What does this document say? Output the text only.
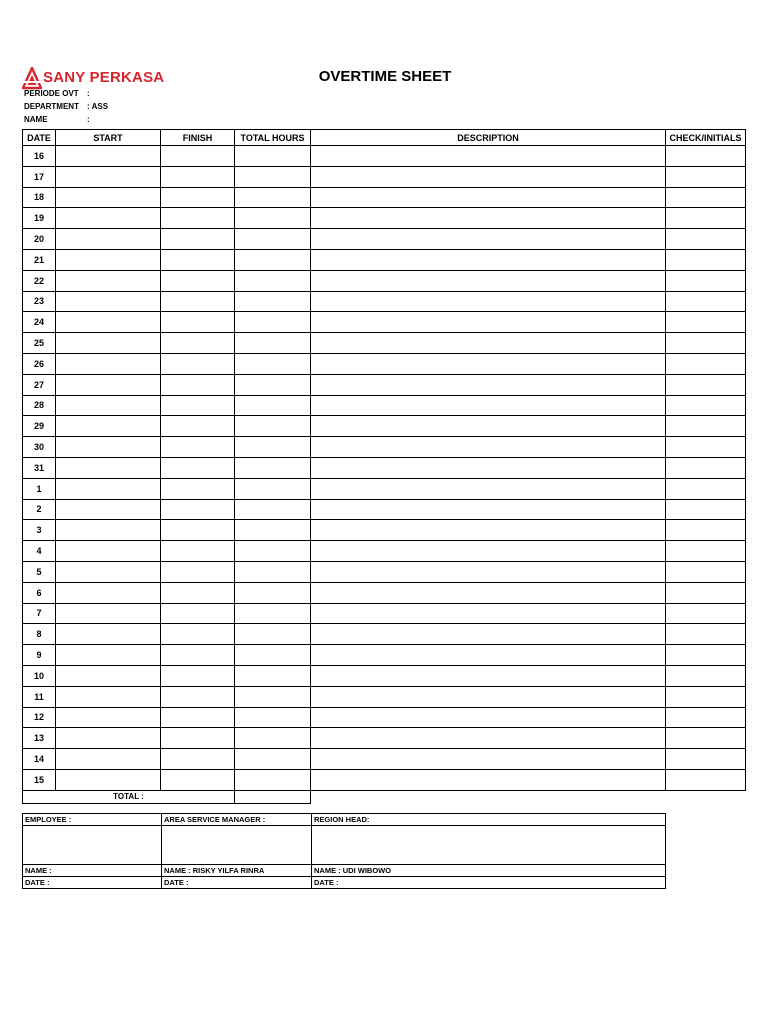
SANY PERKASA	OVERTIME SHEET
PERIODE OVT :
DEPARTMENT : ASS
NAME	:
DATE	START	FINISH	TOTAL HOURS	DESCRIPTION	CHECK/INITIALS
16					
17					
18					
19					
20					
21					
22					
23					
24					
25					
26					
27					
28					
29					
30					
31					
1					
2					
3					
4					
5					
6					
7					
8					
9					
10					
11					
12					
13					
14					
15					
TOTAL :					
EMPLOYEE :	AREA SERVICE MANAGER :	REGION HEAD:

NAME :	NAME : RISKY YILFA RINRA	NAME : UDI WIBOWO
DATE :	DATE :	DATE :
